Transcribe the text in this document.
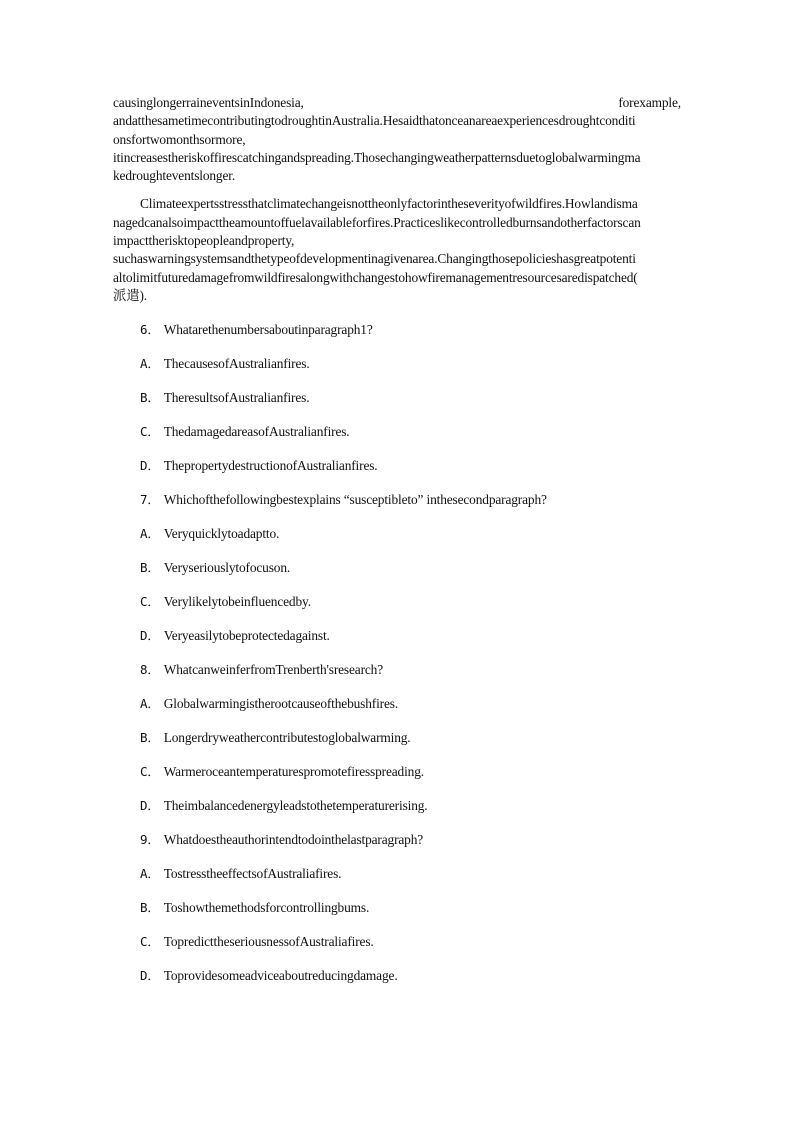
causinglongerraineventsinIndonesia,	forexample,
andatthesametimecontributingtodroughtinAustralia.Hesaidthatonceanareaexperiencesdroughtconditi
onsfortwomonthsormore,
itincreasestheriskoffirescatchingandspreading.Thosechangingweatherpatternsduetoglobalwarmingma
kedroughteventslonger.

Climateexpertsstressthatclimatechangeisnottheonlyfactorintheseverityofwildfires.Howlandisma
nagedcanalsoimpacttheamountoffuelavailableforfires.Practiceslikecontrolledburnsandotherfactorscan
impacttherisktopeopleandproperty,
suchaswarningsystemsandthetypeofdevelopmentinagivenarea.Changingthosepolicieshasgreatpotenti
altolimitfuturedamagefromwildfiresalongwithchangestohowfiremanagementresourcesaredispatched(
派遣).

6． Whatarethenumbersaboutinparagraph1?

A． ThecausesofAustralianfires.

B． TheresultsofAustralianfires.

C． ThedamagedareasofAustralianfires.

D． ThepropertydestructionofAustralianfires.

7． Whichofthefollowingbestexplains “susceptibleto” inthesecondparagraph?

A． Veryquicklytoadaptto.

B． Veryseriouslytofocuson.

C． Verylikelytobeinfluencedby.

D． Veryeasilytobeprotectedagainst.

8． WhatcanweinferfromTrenberth'sresearch?

A． Globalwarmingistherootcauseofthebushfires.

B． Longerdryweathercontributestoglobalwarming.

C． Warmeroceantemperaturespromotefiresspreading.

D． Theimbalancedenergyleadstothetemperaturerising.

9． Whatdoestheauthorintendtodointhelastparagraph?

A． TostresstheeffectsofAustraliafires.

B． Toshowthemethodsforcontrollingbums.

C． TopredicttheseriousnessofAustraliafires.

D． Toprovidesomeadviceaboutreducingdamage.
